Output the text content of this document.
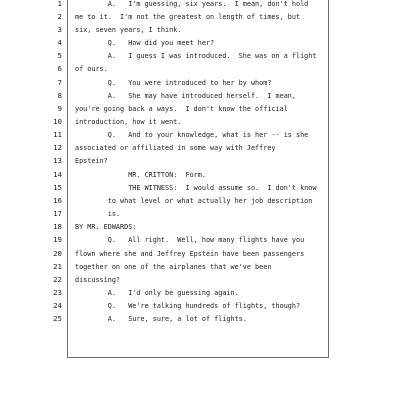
1 A.   I'm guessing, six years.  I mean, don't hold
2 me to it.  I'm not the greatest on length of times, but
3 six, seven years, I think.
4 Q.   How did you meet her?
5 A.   I guess I was introduced.  She was on a flight
6 of ours.
7 Q.   You were introduced to her by whom?
8 A.   She may have introduced herself.  I mean,
9 you're going back a ways.  I don't know the official
10 introduction, how it went.
11 Q.   And to your knowledge, what is her -- is she
12 associated or affiliated in some way with Jeffrey
13 Epstein?
14 MR. CRITTON:  Form.
15 THE WITNESS:  I would assume so.  I don't know
16 to what level or what actually her job description
17 is.
18 BY MR. EDWARDS:
19 Q.   All right.  Well, how many flights have you
20 flown where she and Jeffrey Epstein have been passengers
21 together on one of the airplanes that we've been
22 discussing?
23 A.   I'd only be guessing again.
24 Q.   We're talking hundreds of flights, though?
25 A.   Sure, sure, a lot of flights.
